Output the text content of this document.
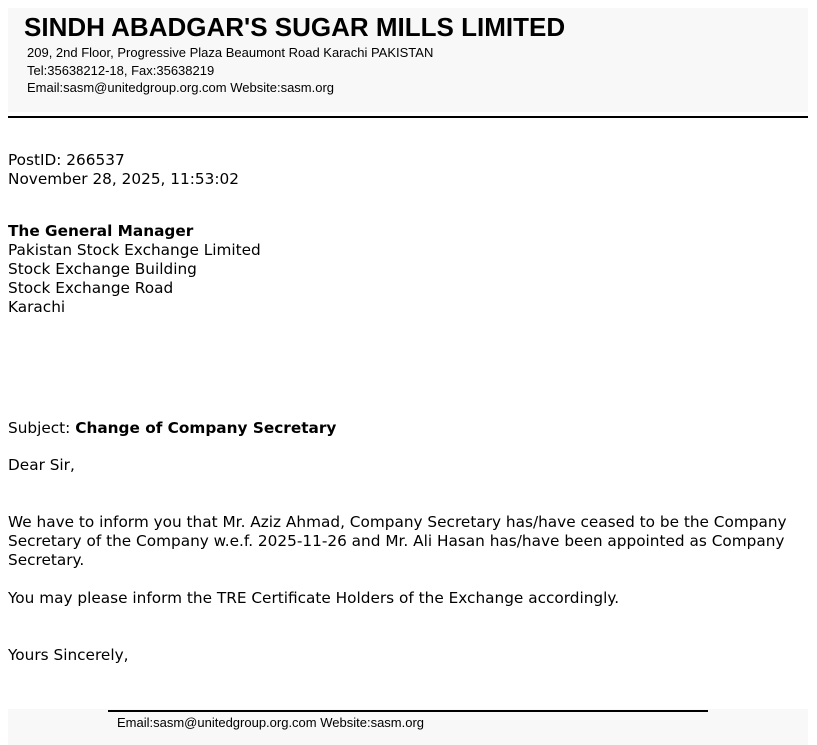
SINDH ABADGAR'S SUGAR MILLS LIMITED
209, 2nd Floor, Progressive Plaza Beaumont Road Karachi PAKISTAN
Tel:35638212-18, Fax:35638219
Email:sasm@unitedgroup.org.com Website:sasm.org
PostID: 266537
November 28, 2025, 11:53:02
The General Manager
Pakistan Stock Exchange Limited
Stock Exchange Building
Stock Exchange Road
Karachi
Subject: Change of Company Secretary
Dear Sir,
We have to inform you that Mr. Aziz Ahmad, Company Secretary has/have ceased to be the Company Secretary of the Company w.e.f. 2025-11-26 and Mr. Ali Hasan has/have been appointed as Company Secretary.
You may please inform the TRE Certificate Holders of the Exchange accordingly.
Yours Sincerely,
Email:sasm@unitedgroup.org.com Website:sasm.org
